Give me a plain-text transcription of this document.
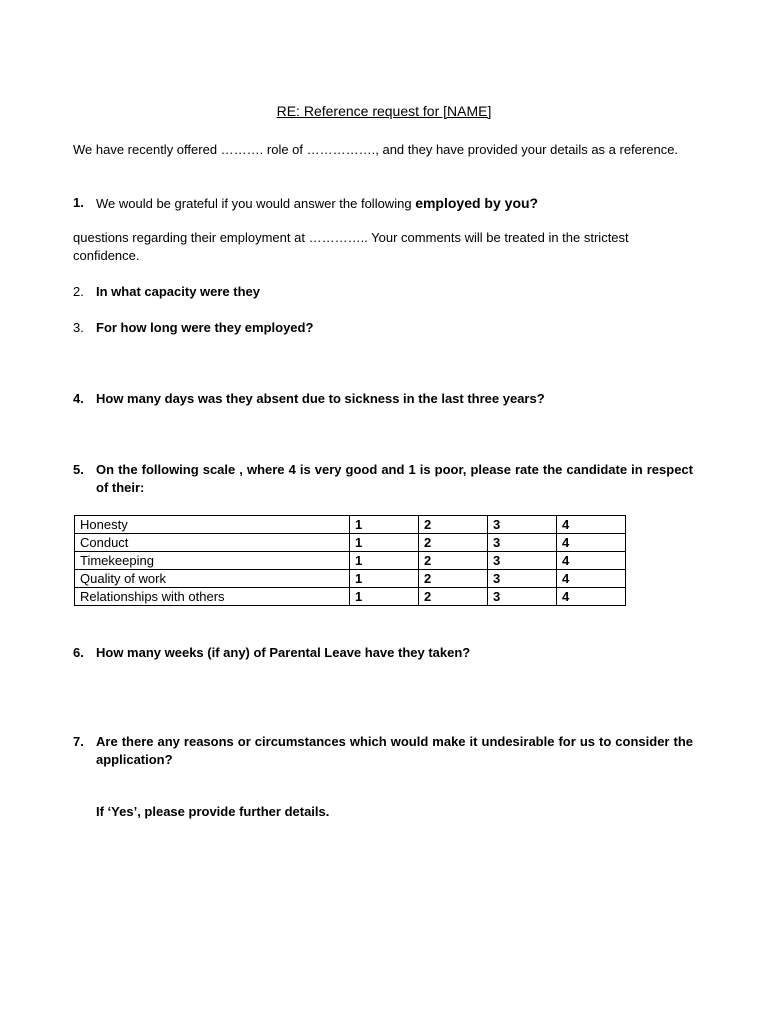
RE: Reference request for [NAME]
We have recently offered ………. role of ……………., and they have provided your details as a reference.
1. We would be grateful if you would answer the following employed by you?
questions regarding their employment at ………….. Your comments will be treated in the strictest confidence.
2. In what capacity were they
3. For how long were they employed?
4. How many days was they absent due to sickness in the last three years?
5. On the following scale , where 4 is very good and 1 is poor, please rate the candidate in respect of their:
Honesty	1	2	3	4
Conduct	1	2	3	4
Timekeeping	1	2	3	4
Quality of work	1	2	3	4
Relationships with others	1	2	3	4
6. How many weeks (if any) of Parental Leave have they taken?
7. Are there any reasons or circumstances which would make it undesirable for us to consider the application?
If ‘Yes’, please provide further details.
